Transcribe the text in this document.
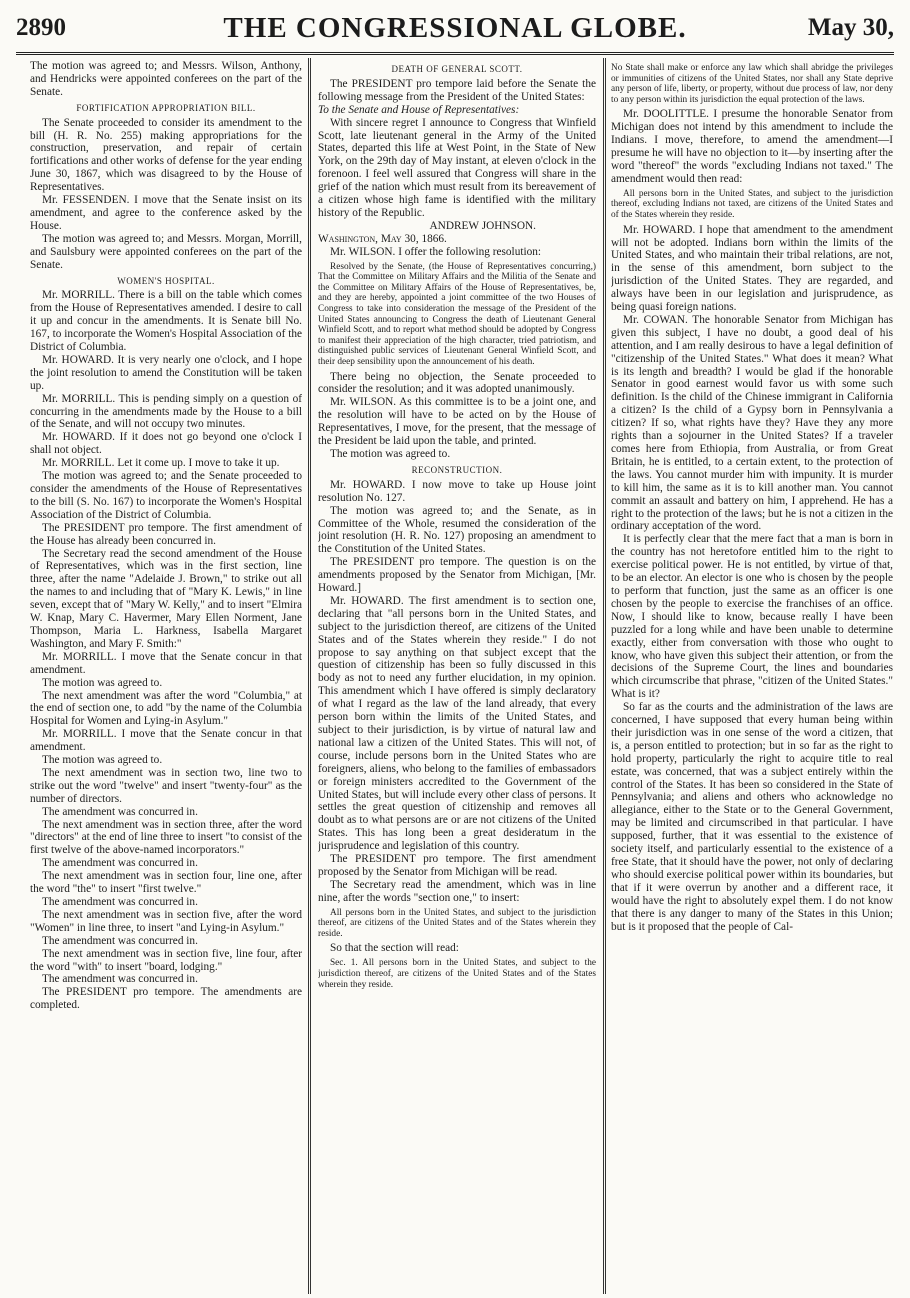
2890	THE CONGRESSIONAL GLOBE.	May 30,

The motion was agreed to; and Messrs. Wilson, Anthony, and Hendricks were appointed conferees on the part of the Senate.

FORTIFICATION APPROPRIATION BILL.

The Senate proceeded to consider its amendment to the bill (H. R. No. 255) making appropriations for the construction, preservation, and repair of certain fortifications and other works of defense for the year ending June 30, 1867, which was disagreed to by the House of Representatives.

Mr. FESSENDEN. I move that the Senate insist on its amendment, and agree to the conference asked by the House.

The motion was agreed to; and Messrs. Morgan, Morrill, and Saulsbury were appointed conferees on the part of the Senate.

WOMEN'S HOSPITAL.

Mr. MORRILL. There is a bill on the table which comes from the House of Representatives amended. I desire to call it up and concur in the amendments. It is Senate bill No. 167, to incorporate the Women's Hospital Association of the District of Columbia.

Mr. HOWARD. It is very nearly one o'clock, and I hope the joint resolution to amend the Constitution will be taken up.

Mr. MORRILL. This is pending simply on a question of concurring in the amendments made by the House to a bill of the Senate, and will not occupy two minutes.

Mr. HOWARD. If it does not go beyond one o'clock I shall not object.

Mr. MORRILL. Let it come up. I move to take it up.

The motion was agreed to; and the Senate proceeded to consider the amendments of the House of Representatives to the bill (S. No. 167) to incorporate the Women's Hospital Association of the District of Columbia.

The PRESIDENT pro tempore. The first amendment of the House has already been concurred in.

The Secretary read the second amendment of the House of Representatives, which was in the first section, line three, after the name "Adelaide J. Brown," to strike out all the names to and including that of "Mary K. Lewis," in line seven, except that of "Mary W. Kelly," and to insert "Elmira W. Knap, Mary C. Havermer, Mary Ellen Norment, Jane Thompson, Maria L. Harkness, Isabella Margaret Washington, and Mary F. Smith:"

Mr. MORRILL. I move that the Senate concur in that amendment.

The motion was agreed to.

The next amendment was after the word "Columbia," at the end of section one, to add "by the name of the Columbia Hospital for Women and Lying-in Asylum."

Mr. MORRILL. I move that the Senate concur in that amendment.

The motion was agreed to.

The next amendment was in section two, line two to strike out the word "twelve" and insert "twenty-four" as the number of directors.

The amendment was concurred in.

The next amendment was in section three, after the word "directors" at the end of line three to insert "to consist of the first twelve of the above-named incorporators."

The amendment was concurred in.

The next amendment was in section four, line one, after the word "the" to insert "first twelve."

The amendment was concurred in.

The next amendment was in section five, after the word "Women" in line three, to insert "and Lying-in Asylum."

The amendment was concurred in.

The next amendment was in section five, line four, after the word "with" to insert "board, lodging."

The amendment was concurred in.

The PRESIDENT pro tempore. The amendments are completed.

DEATH OF GENERAL SCOTT.

The PRESIDENT pro tempore laid before the Senate the following message from the President of the United States:

To the Senate and House of Representatives:

With sincere regret I announce to Congress that Winfield Scott, late lieutenant general in the Army of the United States, departed this life at West Point, in the State of New York, on the 29th day of May instant, at eleven o'clock in the forenoon. I feel well assured that Congress will share in the grief of the nation which must result from its bereavement of a citizen whose high fame is identified with the military history of the Republic.

ANDREW JOHNSON.

Washington, May 30, 1866.

Mr. WILSON. I offer the following resolution:

Resolved by the Senate, (the House of Representatives concurring,) That the Committee on Military Affairs and the Militia of the Senate and the Committee on Military Affairs of the House of Representatives, be, and they are hereby, appointed a joint committee of the two Houses of Congress to take into consideration the message of the President of the United States announcing to Congress the death of Lieutenant General Winfield Scott, and to report what method should be adopted by Congress to manifest their appreciation of the high character, tried patriotism, and distinguished public services of Lieutenant General Winfield Scott, and their deep sensibility upon the announcement of his death.

There being no objection, the Senate proceeded to consider the resolution; and it was adopted unanimously.

Mr. WILSON. As this committee is to be a joint one, and the resolution will have to be acted on by the House of Representatives, I move, for the present, that the message of the President be laid upon the table, and printed.

The motion was agreed to.

RECONSTRUCTION.

Mr. HOWARD. I now move to take up House joint resolution No. 127.

The motion was agreed to; and the Senate, as in Committee of the Whole, resumed the consideration of the joint resolution (H. R. No. 127) proposing an amendment to the Constitution of the United States.

The PRESIDENT pro tempore. The question is on the amendments proposed by the Senator from Michigan, [Mr. Howard.]

Mr. HOWARD. The first amendment is to section one, declaring that "all persons born in the United States, and subject to the jurisdiction thereof, are citizens of the United States and of the States wherein they reside." I do not propose to say anything on that subject except that the question of citizenship has been so fully discussed in this body as not to need any further elucidation, in my opinion. This amendment which I have offered is simply declaratory of what I regard as the law of the land already, that every person born within the limits of the United States, and subject to their jurisdiction, is by virtue of natural law and national law a citizen of the United States. This will not, of course, include persons born in the United States who are foreigners, aliens, who belong to the families of embassadors or foreign ministers accredited to the Government of the United States, but will include every other class of persons. It settles the great question of citizenship and removes all doubt as to what persons are or are not citizens of the United States. This has long been a great desideratum in the jurisprudence and legislation of this country.

The PRESIDENT pro tempore. The first amendment proposed by the Senator from Michigan will be read.

The Secretary read the amendment, which was in line nine, after the words "section one," to insert:

All persons born in the United States, and subject to the jurisdiction thereof, are citizens of the United States and of the States wherein they reside.

So that the section will read:

Sec. 1. All persons born in the United States, and subject to the jurisdiction thereof, are citizens of the United States and of the States wherein they reside.

No State shall make or enforce any law which shall abridge the privileges or immunities of citizens of the United States, nor shall any State deprive any person of life, liberty, or property, without due process of law, nor deny to any person within its jurisdiction the equal protection of the laws.

Mr. DOOLITTLE. I presume the honorable Senator from Michigan does not intend by this amendment to include the Indians. I move, therefore, to amend the amendment—I presume he will have no objection to it—by inserting after the word "thereof" the words "excluding Indians not taxed." The amendment would then read:

All persons born in the United States, and subject to the jurisdiction thereof, excluding Indians not taxed, are citizens of the United States and of the States wherein they reside.

Mr. HOWARD. I hope that amendment to the amendment will not be adopted. Indians born within the limits of the United States, and who maintain their tribal relations, are not, in the sense of this amendment, born subject to the jurisdiction of the United States. They are regarded, and always have been in our legislation and jurisprudence, as being quasi foreign nations.

Mr. COWAN. The honorable Senator from Michigan has given this subject, I have no doubt, a good deal of his attention, and I am really desirous to have a legal definition of "citizenship of the United States." What does it mean? What is its length and breadth? I would be glad if the honorable Senator in good earnest would favor us with some such definition. Is the child of the Chinese immigrant in California a citizen? Is the child of a Gypsy born in Pennsylvania a citizen? If so, what rights have they? Have they any more rights than a sojourner in the United States? If a traveler comes here from Ethiopia, from Australia, or from Great Britain, he is entitled, to a certain extent, to the protection of the laws. You cannot murder him with impunity. It is murder to kill him, the same as it is to kill another man. You cannot commit an assault and battery on him, I apprehend. He has a right to the protection of the laws; but he is not a citizen in the ordinary acceptation of the word.

It is perfectly clear that the mere fact that a man is born in the country has not heretofore entitled him to the right to exercise political power. He is not entitled, by virtue of that, to be an elector. An elector is one who is chosen by the people to perform that function, just the same as an officer is one chosen by the people to exercise the franchises of an office. Now, I should like to know, because really I have been puzzled for a long while and have been unable to determine exactly, either from conversation with those who ought to know, who have given this subject their attention, or from the decisions of the Supreme Court, the lines and boundaries which circumscribe that phrase, "citizen of the United States." What is it?

So far as the courts and the administration of the laws are concerned, I have supposed that every human being within their jurisdiction was in one sense of the word a citizen, that is, a person entitled to protection; but in so far as the right to hold property, particularly the right to acquire title to real estate, was concerned, that was a subject entirely within the control of the States. It has been so considered in the State of Pennsylvania; and aliens and others who acknowledge no allegiance, either to the State or to the General Government, may be limited and circumscribed in that particular. I have supposed, further, that it was essential to the existence of society itself, and particularly essential to the existence of a free State, that it should have the power, not only of declaring who should exercise political power within its boundaries, but that if it were overrun by another and a different race, it would have the right to absolutely expel them. I do not know that there is any danger to many of the States in this Union; but is it proposed that the people of Cal-
